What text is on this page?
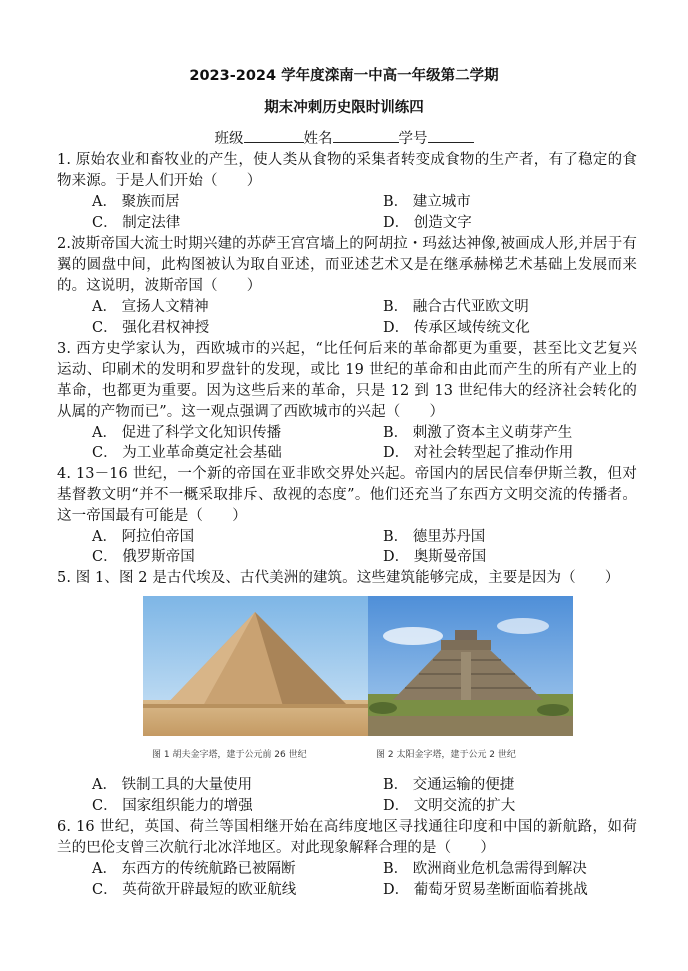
2023-2024 学年度滦南一中高一年级第二学期
期末冲刺历史限时训练四
班级	姓名	学号
1. 原始农业和畜牧业的产生，使人类从食物的采集者转变成食物的生产者，有了稳定的食物来源。于是人们开始（　　）
A． 聚族而居	B． 建立城市
C． 制定法律	D． 创造文字
2.波斯帝国大流士时期兴建的苏萨王宫宫墙上的阿胡拉・玛兹达神像,被画成人形,并居于有翼的圆盘中间，此构图被认为取自亚述，而亚述艺术又是在继承赫梯艺术基础上发展而来的。这说明，波斯帝国（　　）
A． 宣扬人文精神	B． 融合古代亚欧文明
C． 强化君权神授	D． 传承区域传统文化
3. 西方史学家认为，西欧城市的兴起，“比任何后来的革命都更为重要，甚至比文艺复兴运动、印刷术的发明和罗盘针的发现，或比 19 世纪的革命和由此而产生的所有产业上的革命，也都更为重要。因为这些后来的革命，只是 12 到 13 世纪伟大的经济社会转化的从属的产物而已”。这一观点强调了西欧城市的兴起（　　）
A． 促进了科学文化知识传播	B． 刺激了资本主义萌芽产生
C． 为工业革命奠定社会基础	D． 对社会转型起了推动作用
4. 13－16 世纪，一个新的帝国在亚非欧交界处兴起。帝国内的居民信奉伊斯兰教，但对基督教文明“并不一概采取排斥、敌视的态度”。他们还充当了东西方文明交流的传播者。这一帝国最有可能是（　　）
A． 阿拉伯帝国	B． 德里苏丹国
C． 俄罗斯帝国	D． 奥斯曼帝国
5. 图 1、图 2 是古代埃及、古代美洲的建筑。这些建筑能够完成，主要是因为（　　）
图 1 胡夫金字塔，建于公元前 26 世纪	图 2 太阳金字塔，建于公元 2 世纪
A． 铁制工具的大量使用	B． 交通运输的便捷
C． 国家组织能力的增强	D． 文明交流的扩大
6. 16 世纪，英国、荷兰等国相继开始在高纬度地区寻找通往印度和中国的新航路，如荷兰的巴伦支曾三次航行北冰洋地区。对此现象解释合理的是（　　）
A． 东西方的传统航路已被隔断	B． 欧洲商业危机急需得到解决
C． 英荷欲开辟最短的欧亚航线	D． 葡萄牙贸易垄断面临着挑战
